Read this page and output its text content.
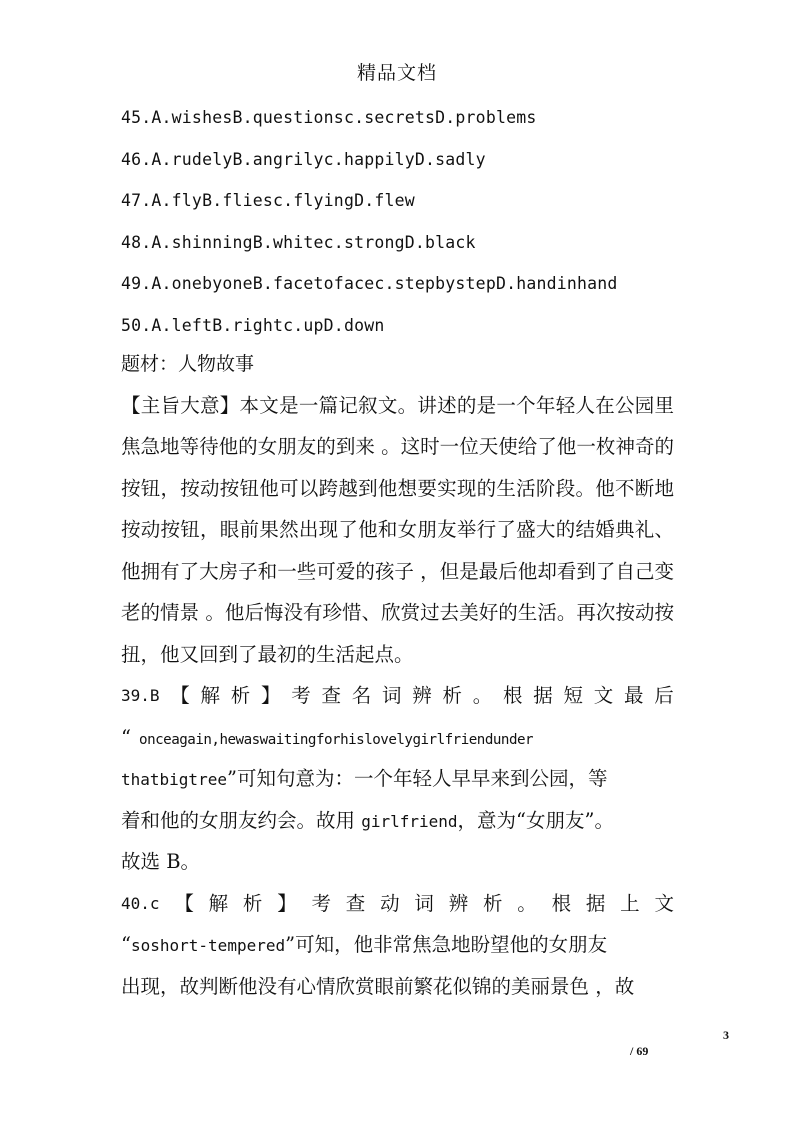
精品文档
45.A.wishesB.questionsc.secretsD.problems
46.A.rudelyB.angrilyc.happilyD.sadly
47.A.flyB.fliesc.flyingD.flew
48.A.shinningB.whitec.strongD.black
49.A.onebyoneB.facetofacec.stepbystepD.handinhand
50.A.leftB.rightc.upD.down
题材：人物故事

【主旨大意】本文是一篇记叙文。讲述的是一个年轻人在公园里焦急地等待他的女朋友的到来 。这时一位天使给了他一枚神奇的按钮，按动按钮他可以跨越到他想要实现的生活阶段。他不断地按动按钮，眼前果然出现了他和女朋友举行了盛大的结婚典礼、他拥有了大房子和一些可爱的孩子 ，但是最后他却看到了自己变老的情景 。他后悔没有珍惜、欣赏过去美好的生活。再次按动按扭，他又回到了最初的生活起点。

39.B 【 解 析 】 考 查 名 词 辨 析 。 根 据 短 文 最 后
“ onceagain,hewaswaitingforhislovelygirlfriendunder
thatbigtree”可知句意为：一个年轻人早早来到公园，等
着和他的女朋友约会。故用 girlfriend，意为“女朋友”。
故选 B。
40.c 【 解 析 】 考 查 动 词 辨 析 。 根 据 上 文
“soshort-tempered”可知，他非常焦急地盼望他的女朋友
出现，故判断他没有心情欣赏眼前繁花似锦的美丽景色 ，故
3
/ 69
